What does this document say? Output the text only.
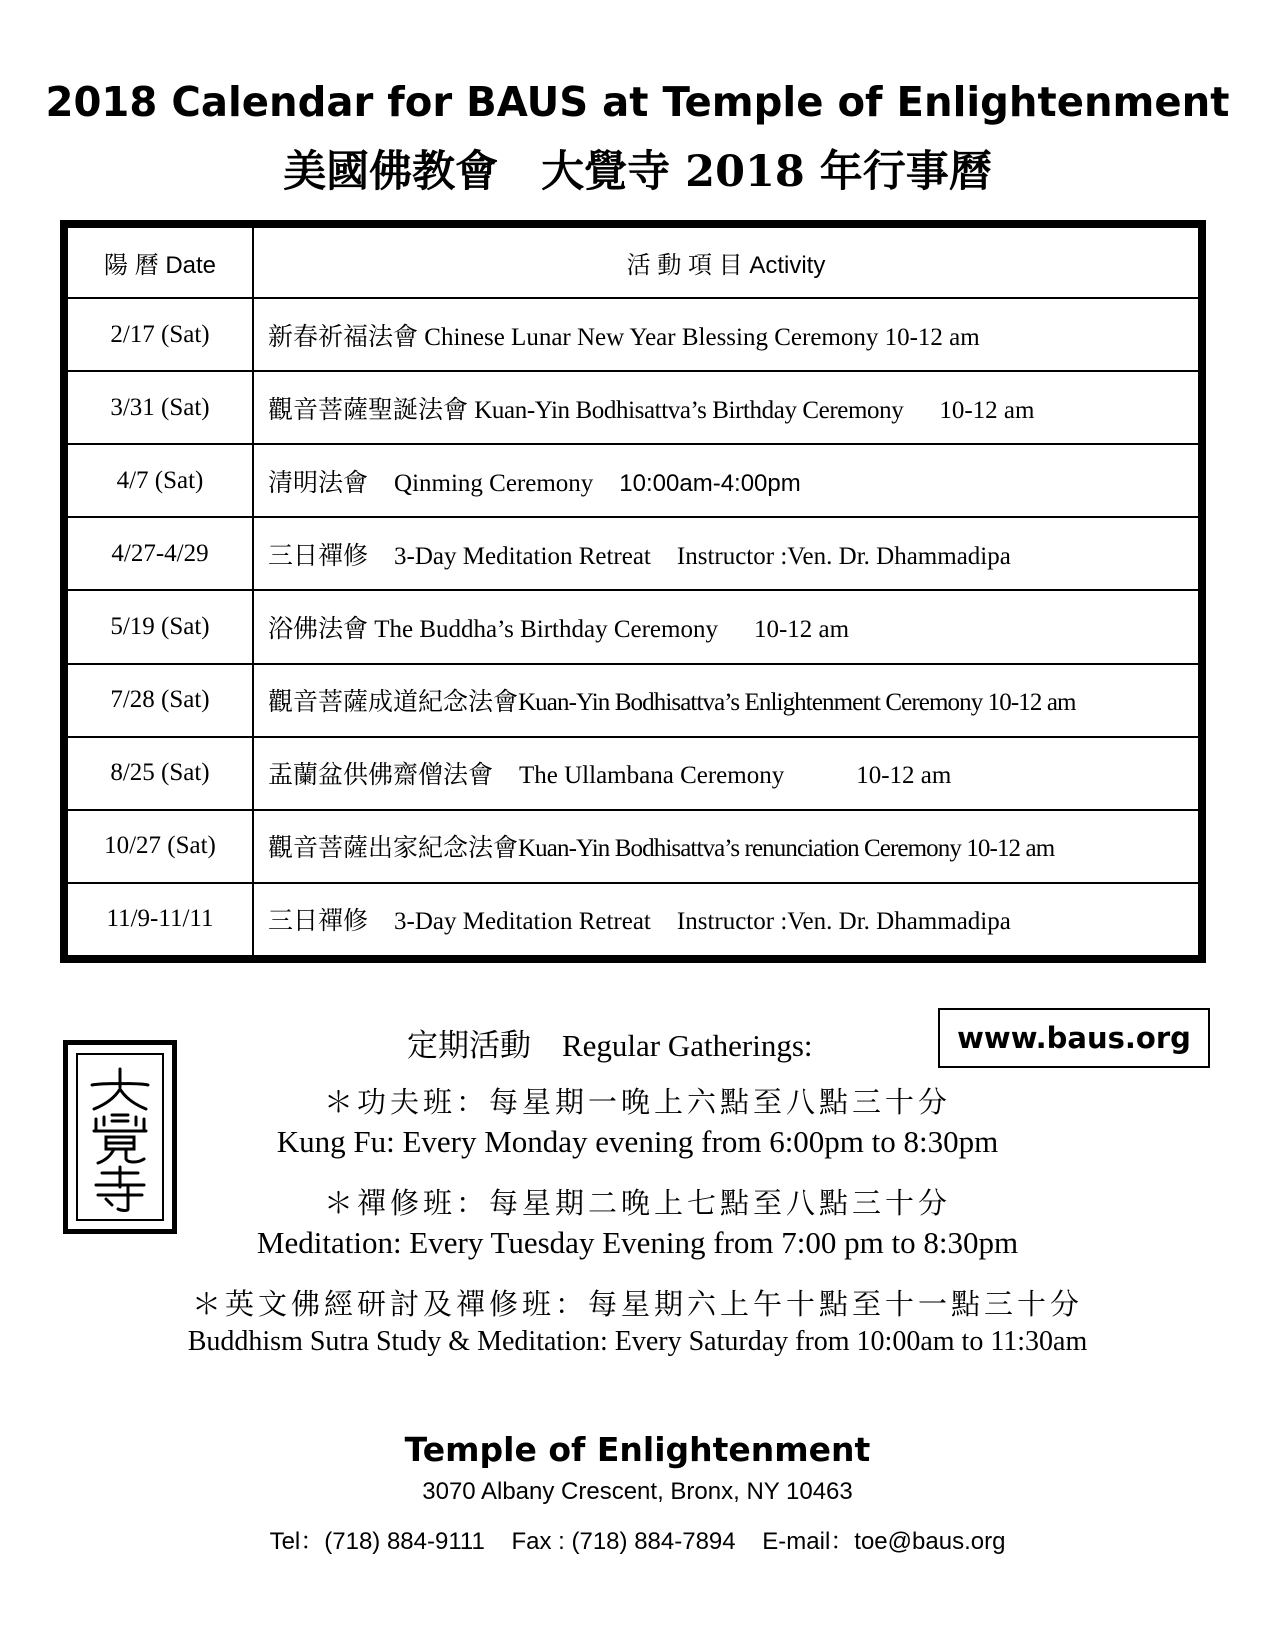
2018 Calendar for BAUS at Temple of Enlightenment
美國佛教會　大覺寺 2018 年行事曆
陽 曆 Date	活 動 項 目 Activity
2/17 (Sat)	新春祈福法會 Chinese Lunar New Year Blessing Ceremony 10-12 am
3/31 (Sat)	觀音菩薩聖誕法會 Kuan-Yin Bodhisattva’s Birthday Ceremony 10-12 am
4/7 (Sat)	清明法會 Qinming Ceremony 10:00am-4:00pm
4/27-4/29	三日禪修 3-Day Meditation Retreat Instructor :Ven. Dr. Dhammadipa
5/19 (Sat)	浴佛法會 The Buddha’s Birthday Ceremony 10-12 am
7/28 (Sat)	觀音菩薩成道紀念法會Kuan-Yin Bodhisattva’s Enlightenment Ceremony 10-12 am
8/25 (Sat)	盂蘭盆供佛齋僧法會 The Ullambana Ceremony 10-12 am
10/27 (Sat)	觀音菩薩出家紀念法會Kuan-Yin Bodhisattva’s renunciation Ceremony 10-12 am
11/9-11/11	三日禪修 3-Day Meditation Retreat Instructor :Ven. Dr. Dhammadipa
定期活動　Regular Gatherings:	www.baus.org
＊功夫班：每星期一晚上六點至八點三十分
Kung Fu: Every Monday evening from 6:00pm to 8:30pm
＊禪修班：每星期二晚上七點至八點三十分
Meditation: Every Tuesday Evening from 7:00 pm to 8:30pm
＊英文佛經研討及禪修班：每星期六上午十點至十一點三十分
Buddhism Sutra Study & Meditation: Every Saturday from 10:00am to 11:30am
Temple of Enlightenment
3070 Albany Crescent, Bronx, NY 10463
Tel：(718) 884-9111    Fax : (718) 884-7894    E-mail：toe@baus.org
